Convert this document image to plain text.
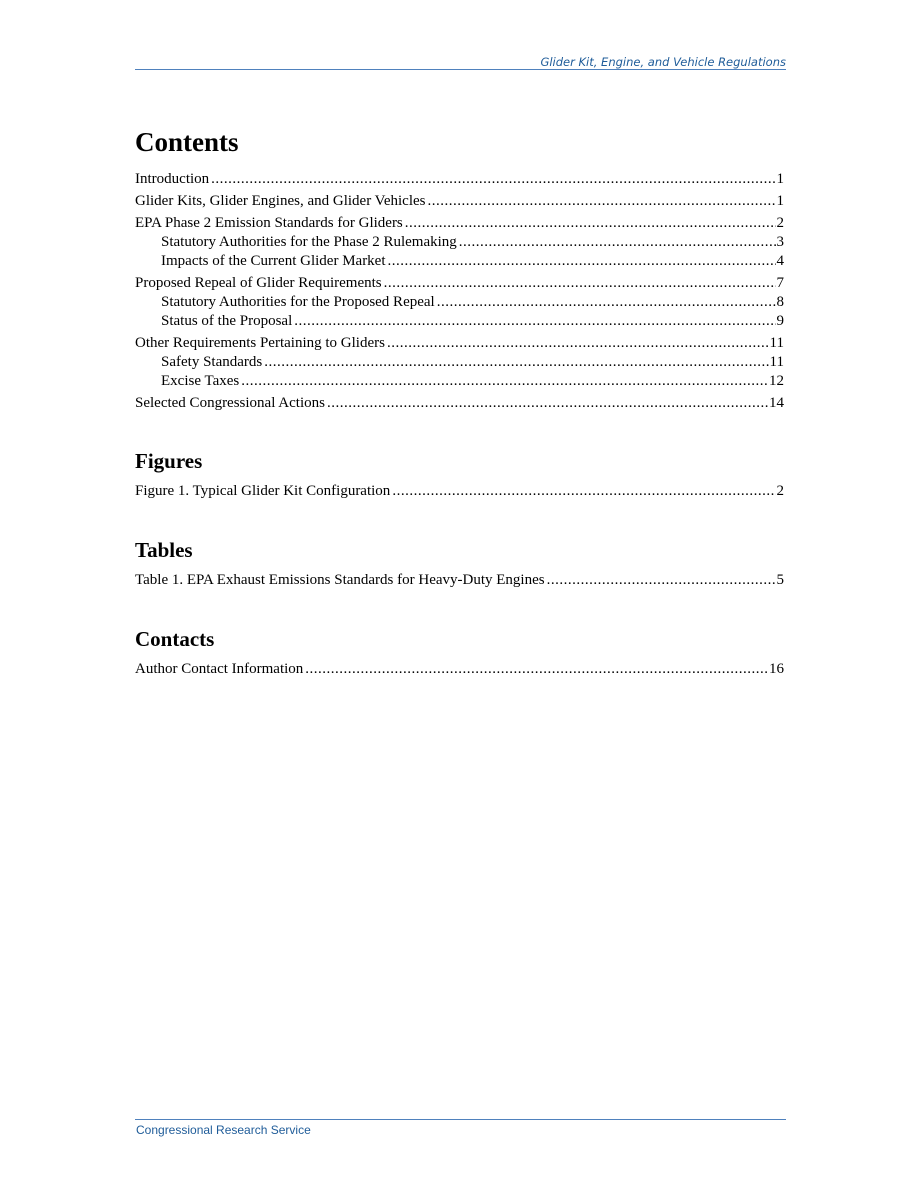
Glider Kit, Engine, and Vehicle Regulations
Contents
Introduction .....	1
Glider Kits, Glider Engines, and Glider Vehicles .....	1
EPA Phase 2 Emission Standards for Gliders .....	2
Statutory Authorities for the Phase 2 Rulemaking .....	3
Impacts of the Current Glider Market .....	4
Proposed Repeal of Glider Requirements .....	7
Statutory Authorities for the Proposed Repeal .....	8
Status of the Proposal .....	9
Other Requirements Pertaining to Gliders .....	11
Safety Standards .....	11
Excise Taxes .....	12
Selected Congressional Actions .....	14
Figures
Figure 1. Typical Glider Kit Configuration .....	2
Tables
Table 1. EPA Exhaust Emissions Standards for Heavy-Duty Engines .....	5
Contacts
Author Contact Information .....	16
Congressional Research Service
